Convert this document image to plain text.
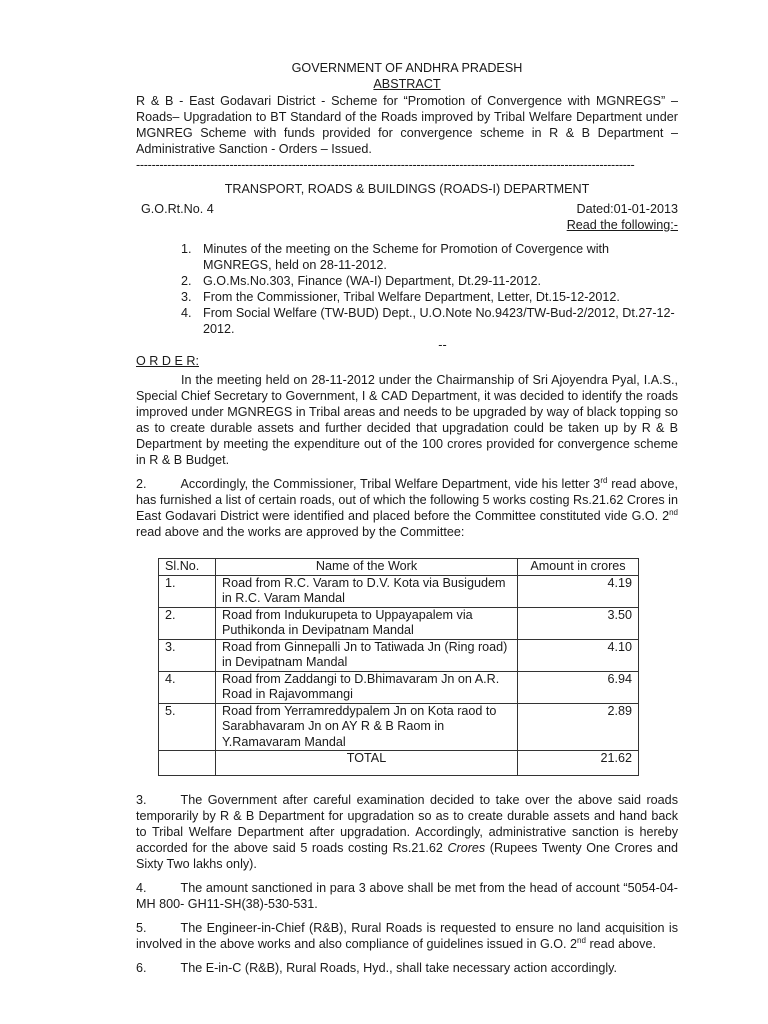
GOVERNMENT OF ANDHRA PRADESH
ABSTRACT

R & B - East Godavari District - Scheme for “Promotion of Convergence with MGNREGS” – Roads– Upgradation to BT Standard of the Roads improved by Tribal Welfare Department under MGNREG Scheme with funds provided for convergence scheme in R & B Department – Administrative Sanction - Orders – Issued.

--------------------------------------------------------------------------------------------------------------------------------
TRANSPORT, ROADS & BUILDINGS (ROADS-I) DEPARTMENT
G.O.Rt.No. 4	Dated:01-01-2013
Read the following:-
1. Minutes of the meeting on the Scheme for Promotion of Covergence with MGNREGS, held on 28-11-2012.
2. G.O.Ms.No.303, Finance (WA-I) Department, Dt.29-11-2012.
3. From the Commissioner, Tribal Welfare Department, Letter, Dt.15-12-2012.
4. From Social Welfare (TW-BUD) Dept., U.O.Note No.9423/TW-Bud-2/2012, Dt.27-12-2012.
--
O R D E R:

In the meeting held on 28-11-2012 under the Chairmanship of Sri Ajoyendra Pyal, I.A.S., Special Chief Secretary to Government, I & CAD Department, it was decided to identify the roads improved under MGNREGS in Tribal areas and needs to be upgraded by way of black topping so as to create durable assets and further decided that upgradation could be taken up by R & B Department by meeting the expenditure out of the 100 crores provided for convergence scheme in R & B Budget.

2.	Accordingly, the Commissioner, Tribal Welfare Department, vide his letter 3rd read above, has furnished a list of certain roads, out of which the following 5 works costing Rs.21.62 Crores in East Godavari District were identified and placed before the Committee constituted vide G.O. 2nd read above and the works are approved by the Committee:

Sl.No.	Name of the Work	Amount in crores
1.	Road from R.C. Varam to D.V. Kota via Busigudem in R.C. Varam Mandal	4.19
2.	Road from Indukurupeta to Uppayapalem via Puthikonda in Devipatnam Mandal	3.50
3.	Road from Ginnepalli Jn to Tatiwada Jn (Ring road) in Devipatnam Mandal	4.10
4.	Road from Zaddangi to D.Bhimavaram Jn on A.R. Road in Rajavommangi	6.94
5.	Road from Yerramreddypalem Jn on Kota raod to Sarabhavaram Jn on AY R & B Raom in Y.Ramavaram Mandal	2.89
	TOTAL	21.62

3.	The Government after careful examination decided to take over the above said roads temporarily by R & B Department for upgradation so as to create durable assets and hand back to Tribal Welfare Department after upgradation. Accordingly, administrative sanction is hereby accorded for the above said 5 roads costing Rs.21.62 Crores (Rupees Twenty One Crores and Sixty Two lakhs only).

4.	The amount sanctioned in para 3 above shall be met from the head of account “5054-04- MH 800- GH11-SH(38)-530-531.

5.	The Engineer-in-Chief (R&B), Rural Roads is requested to ensure no land acquisition is involved in the above works and also compliance of guidelines issued in G.O. 2nd read above.

6.	The E-in-C (R&B), Rural Roads, Hyd., shall take necessary action accordingly.
